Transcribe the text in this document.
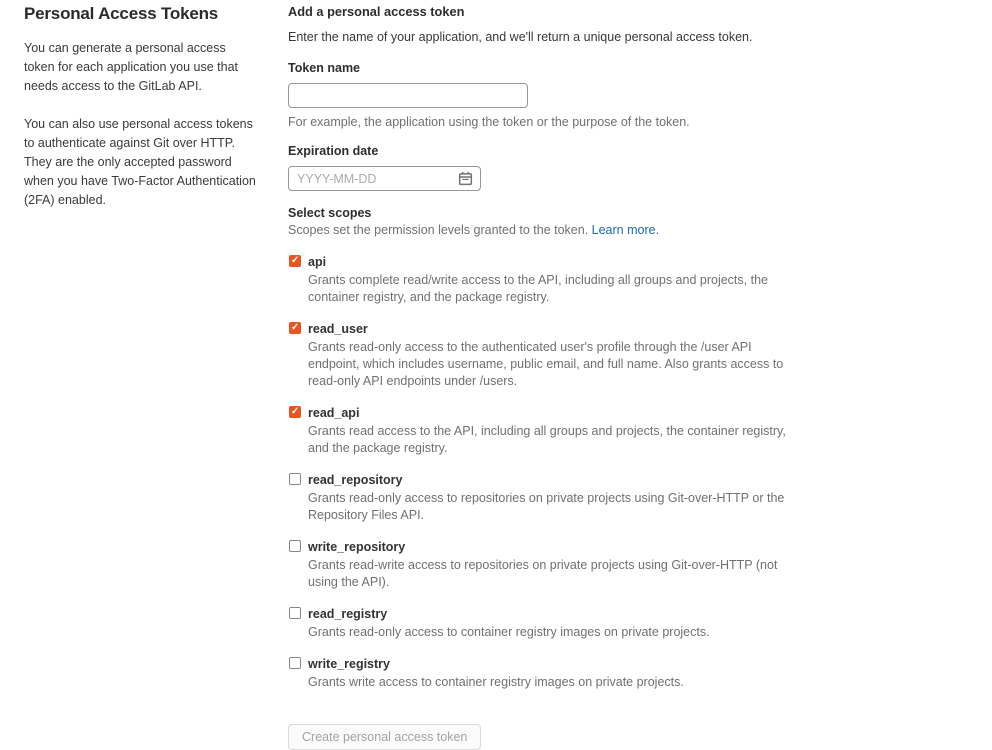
Personal Access Tokens

You can generate a personal access token for each application you use that needs access to the GitLab API.

You can also use personal access tokens to authenticate against Git over HTTP. They are the only accepted password when you have Two-Factor Authentication (2FA) enabled.

Add a personal access token

Enter the name of your application, and we'll return a unique personal access token.

Token name

For example, the application using the token or the purpose of the token.

Expiration date
YYYY-MM-DD
Select scopes

Scopes set the permission levels granted to the token. Learn more.

✓
api
Grants complete read/write access to the API, including all groups and projects, the container registry, and the package registry.
✓
read_user
Grants read-only access to the authenticated user's profile through the /user API endpoint, which includes username, public email, and full name. Also grants access to read-only API endpoints under /users.
✓
read_api
Grants read access to the API, including all groups and projects, the container registry, and the package registry.
read_repository
Grants read-only access to repositories on private projects using Git-over-HTTP or the Repository Files API.
write_repository
Grants read-write access to repositories on private projects using Git-over-HTTP (not using the API).
read_registry
Grants read-only access to container registry images on private projects.
write_registry
Grants write access to container registry images on private projects.
Create personal access token
